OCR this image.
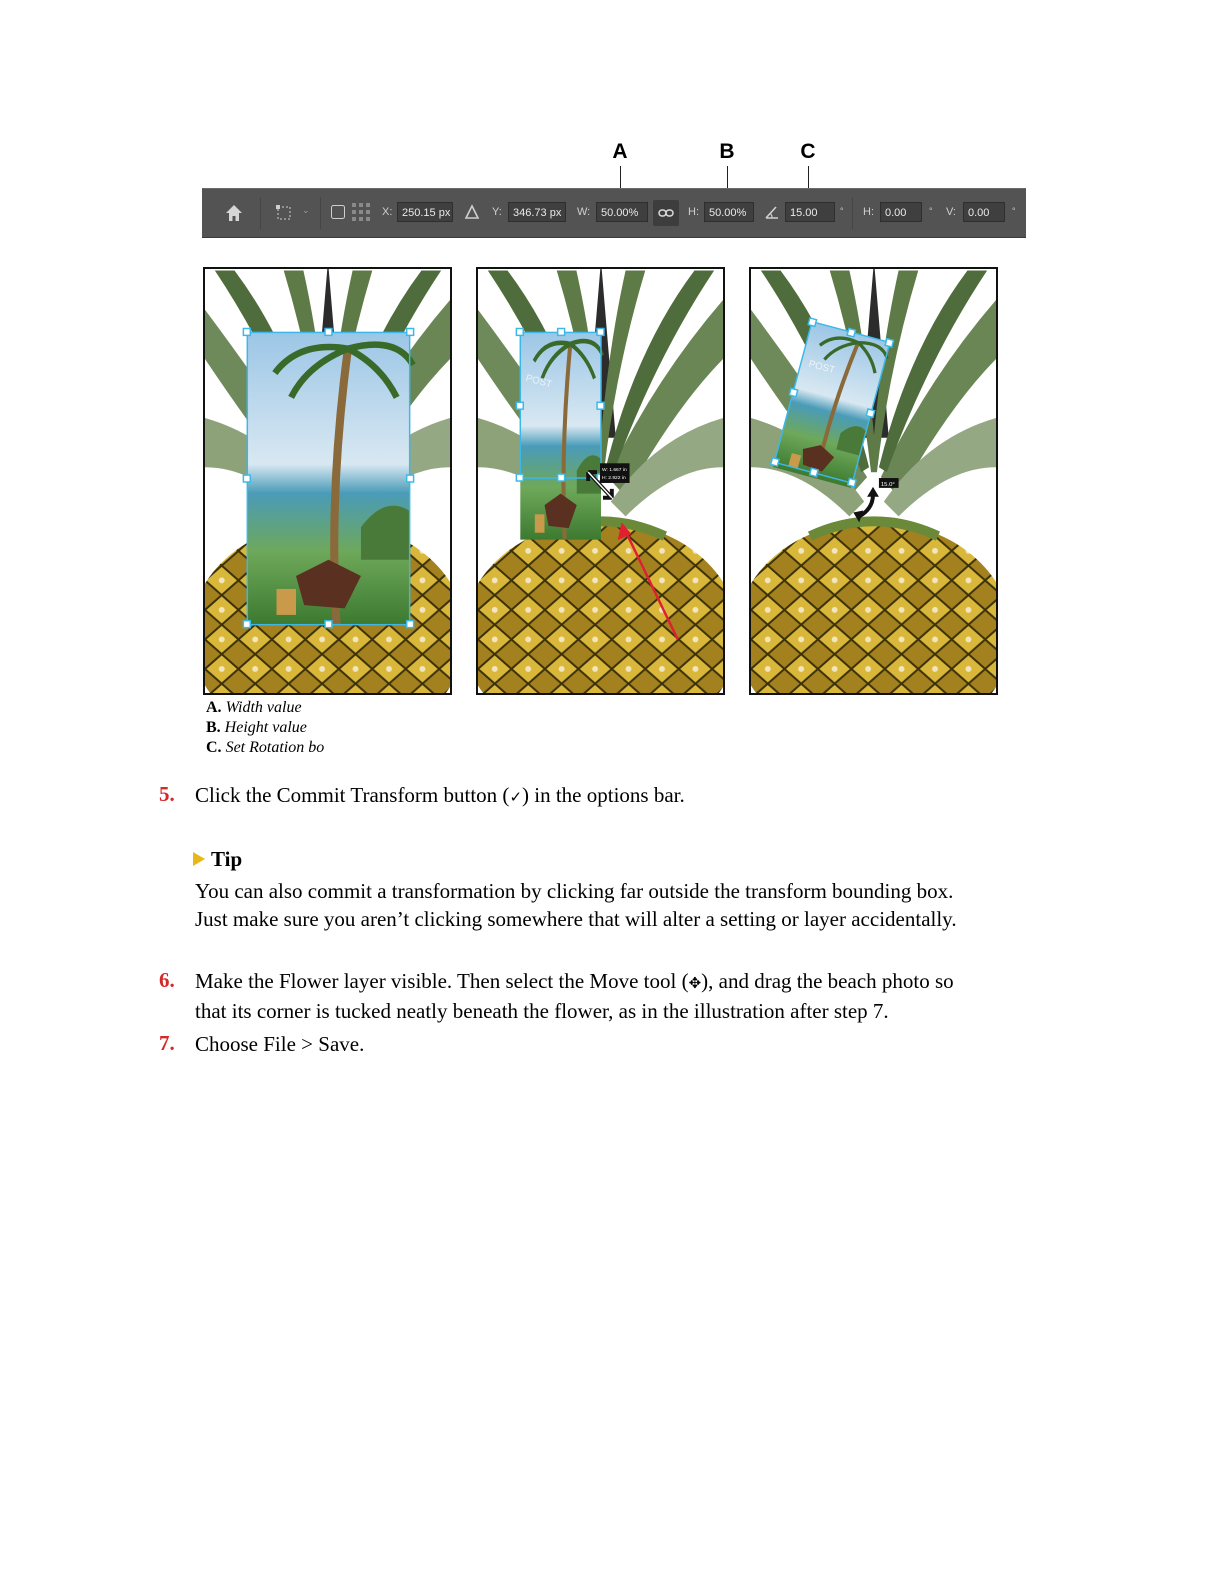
A	B	C
⌄	X: 250.15 px	Y:	346.73 px	W: 50.00%	H: 50.00%	15.00	° H:	0.00	° V:	0.00	°
POST
W: 1.667 in
H: 2.922 in
POST
15.0°
A. Width value
B. Height value
C. Set Rotation bo
5. Click the Commit Transform button (✓) in the options bar.
Tip
You can also commit a transformation by clicking far outside the transform bounding box.
Just make sure you aren’t clicking somewhere that will alter a setting or layer accidentally.
6. Make the Flower layer visible. Then select the Move tool (✥), and drag the beach photo so
that its corner is tucked neatly beneath the flower, as in the illustration after step 7.
7. Choose File > Save.
